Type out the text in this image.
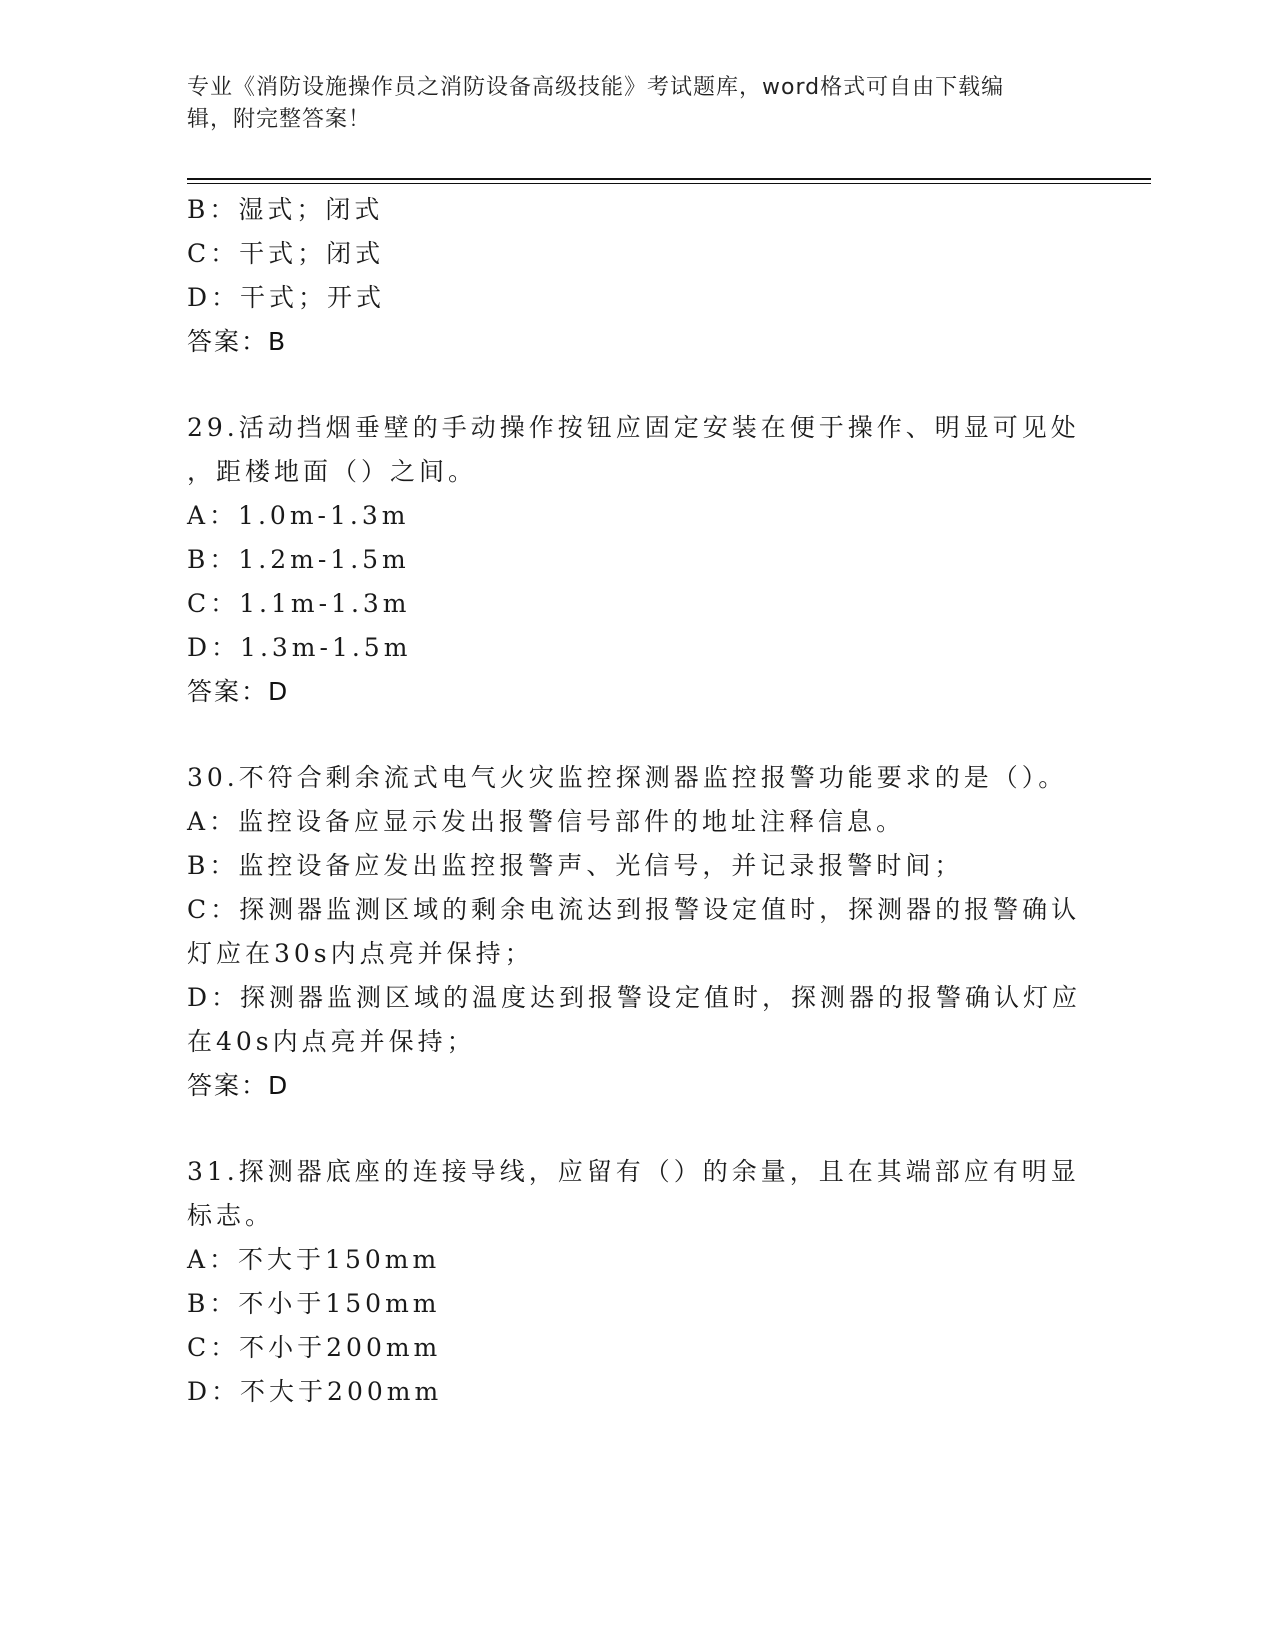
专业《消防设施操作员之消防设备高级技能》考试题库，word格式可自由下载编
辑，附完整答案！
B：湿式；闭式
C：干式；闭式
D：干式；开式
答案：B
29.活动挡烟垂壁的手动操作按钮应固定安装在便于操作、明显可见处
，距楼地面（）之间。
A：1.0m-1.3m
B：1.2m-1.5m
C：1.1m-1.3m
D：1.3m-1.5m
答案：D
30.不符合剩余流式电气火灾监控探测器监控报警功能要求的是（）。
A：监控设备应显示发出报警信号部件的地址注释信息。
B：监控设备应发出监控报警声、光信号，并记录报警时间；
C：探测器监测区域的剩余电流达到报警设定值时，探测器的报警确认
灯应在30s内点亮并保持；
D：探测器监测区域的温度达到报警设定值时，探测器的报警确认灯应
在40s内点亮并保持；
答案：D
31.探测器底座的连接导线，应留有（）的余量，且在其端部应有明显
标志。
A：不大于150mm
B：不小于150mm
C：不小于200mm
D：不大于200mm
